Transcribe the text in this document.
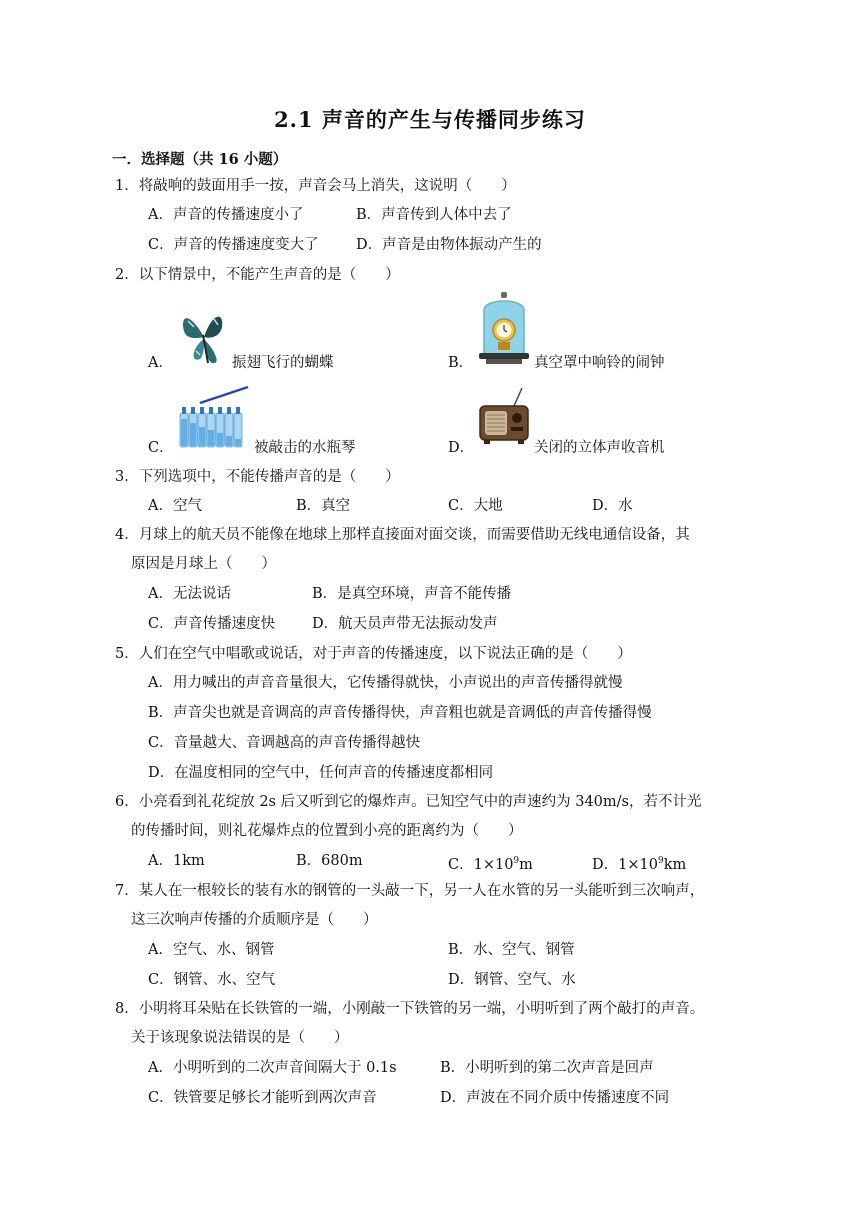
2.1 声音的产生与传播同步练习
一．选择题（共 16 小题）
1．将敲响的鼓面用手一按，声音会马上消失，这说明（　　）
A．声音的传播速度小了	B．声音传到人体中去了
C．声音的传播速度变大了	D．声音是由物体振动产生的
2．以下情景中，不能产生声音的是（　　）
A．	振翅飞行的蝴蝶	B．	真空罩中响铃的闹钟
C．	被敲击的水瓶琴	D．	关闭的立体声收音机
3．下列选项中，不能传播声音的是（　　）
A．空气	B．真空	C．大地	D．水
4．月球上的航天员不能像在地球上那样直接面对面交谈，而需要借助无线电通信设备，其
原因是月球上（　　）
A．无法说话	B．是真空环境，声音不能传播
C．声音传播速度快	D．航天员声带无法振动发声
5．人们在空气中唱歌或说话，对于声音的传播速度，以下说法正确的是（　　）
A．用力喊出的声音音量很大，它传播得就快，小声说出的声音传播得就慢
B．声音尖也就是音调高的声音传播得快，声音粗也就是音调低的声音传播得慢
C．音量越大、音调越高的声音传播得越快
D．在温度相同的空气中，任何声音的传播速度都相同
6．小亮看到礼花绽放 2s 后又听到它的爆炸声。已知空气中的声速约为 340m/s，若不计光
的传播时间，则礼花爆炸点的位置到小亮的距离约为（　　）
A．1km	B．680m	C．$1\times 10^9m$	D．$1\times 10^9km$
7．某人在一根较长的装有水的钢管的一头敲一下，另一人在水管的另一头能听到三次响声，
这三次响声传播的介质顺序是（　　）
A．空气、水、钢管	B．水、空气、钢管
C．钢管、水、空气	D．钢管、空气、水
8．小明将耳朵贴在长铁管的一端，小刚敲一下铁管的另一端，小明听到了两个敲打的声音。
关于该现象说法错误的是（　　）
A．小明听到的二次声音间隔大于 0.1s	B．小明听到的第二次声音是回声
C．铁管要足够长才能听到两次声音	D．声波在不同介质中传播速度不同
